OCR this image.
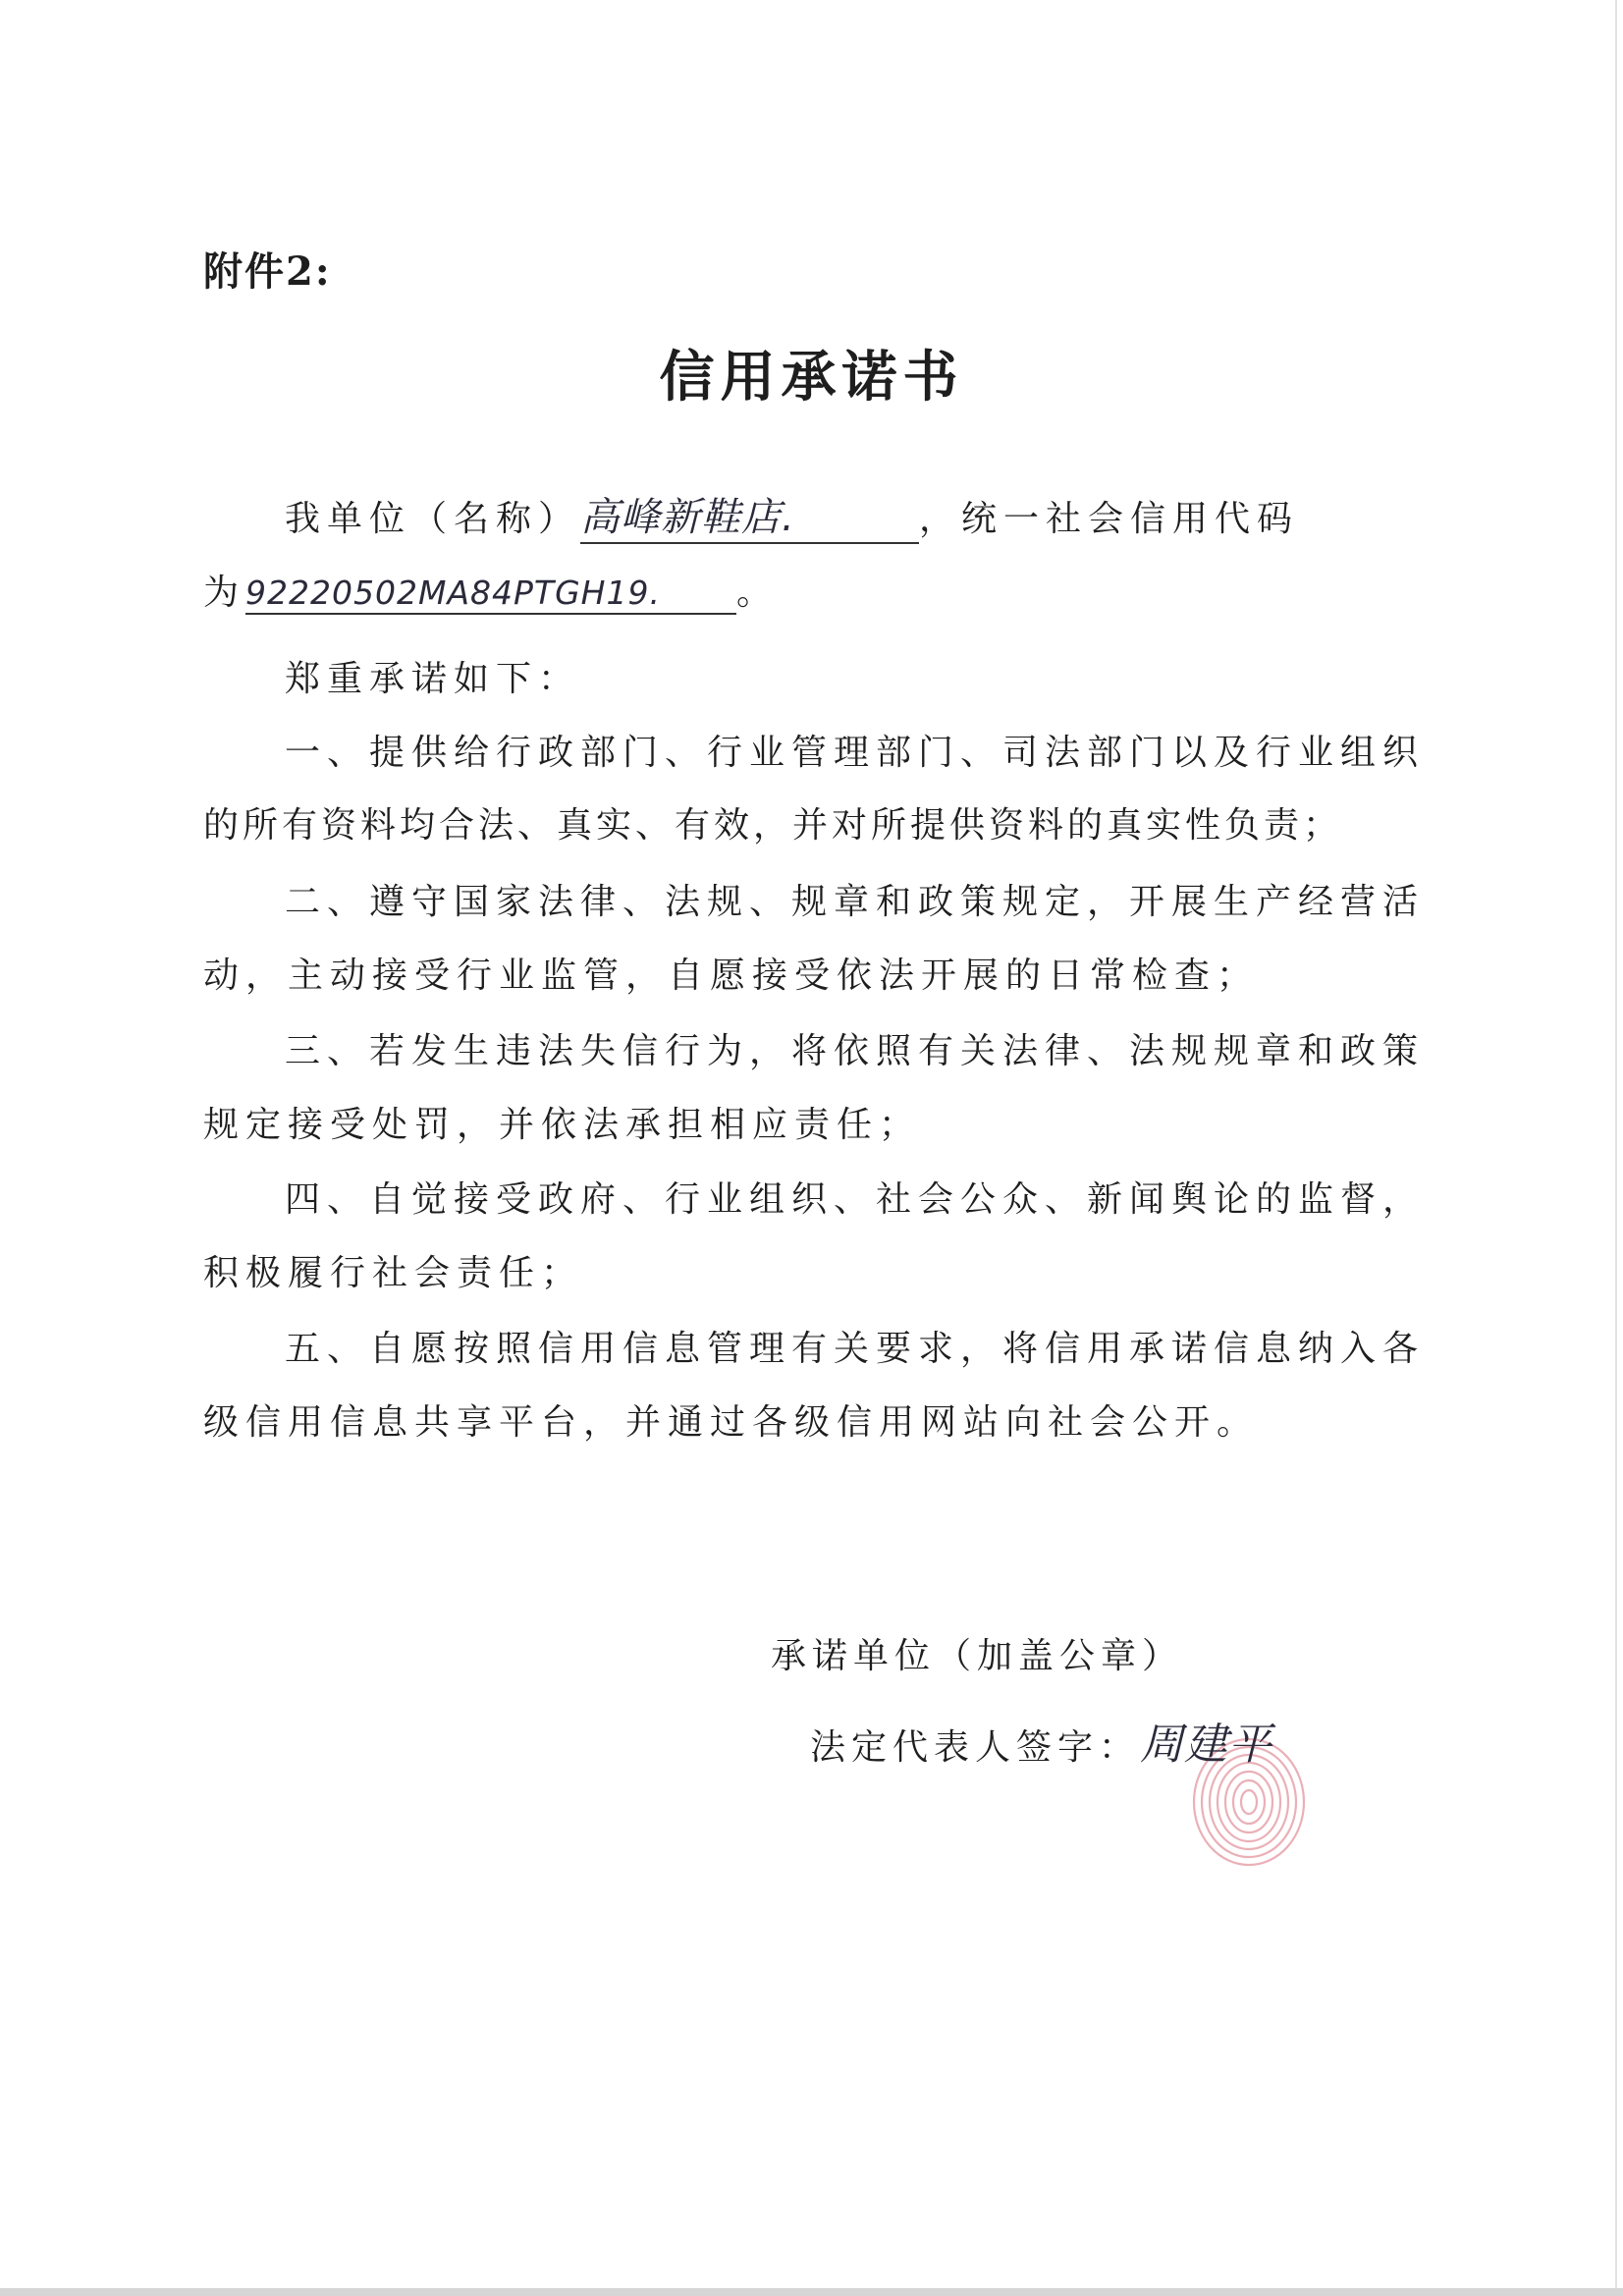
附件2:
信用承诺书
我单位（名称）高峰新鞋店.	，统一社会信用代码
为92220502MA84PTGH19. 。
郑重承诺如下：
一、提供给行政部门、行业管理部门、司法部门以及行业组织
的所有资料均合法、真实、有效，并对所提供资料的真实性负责；
二、遵守国家法律、法规、规章和政策规定，开展生产经营活
动，主动接受行业监管，自愿接受依法开展的日常检查；
三、若发生违法失信行为，将依照有关法律、法规规章和政策
规定接受处罚，并依法承担相应责任；
四、自觉接受政府、行业组织、社会公众、新闻舆论的监督，
积极履行社会责任；
五、自愿按照信用信息管理有关要求，将信用承诺信息纳入各
级信用信息共享平台，并通过各级信用网站向社会公开。
承诺单位（加盖公章）
法定代表人签字：周建平
